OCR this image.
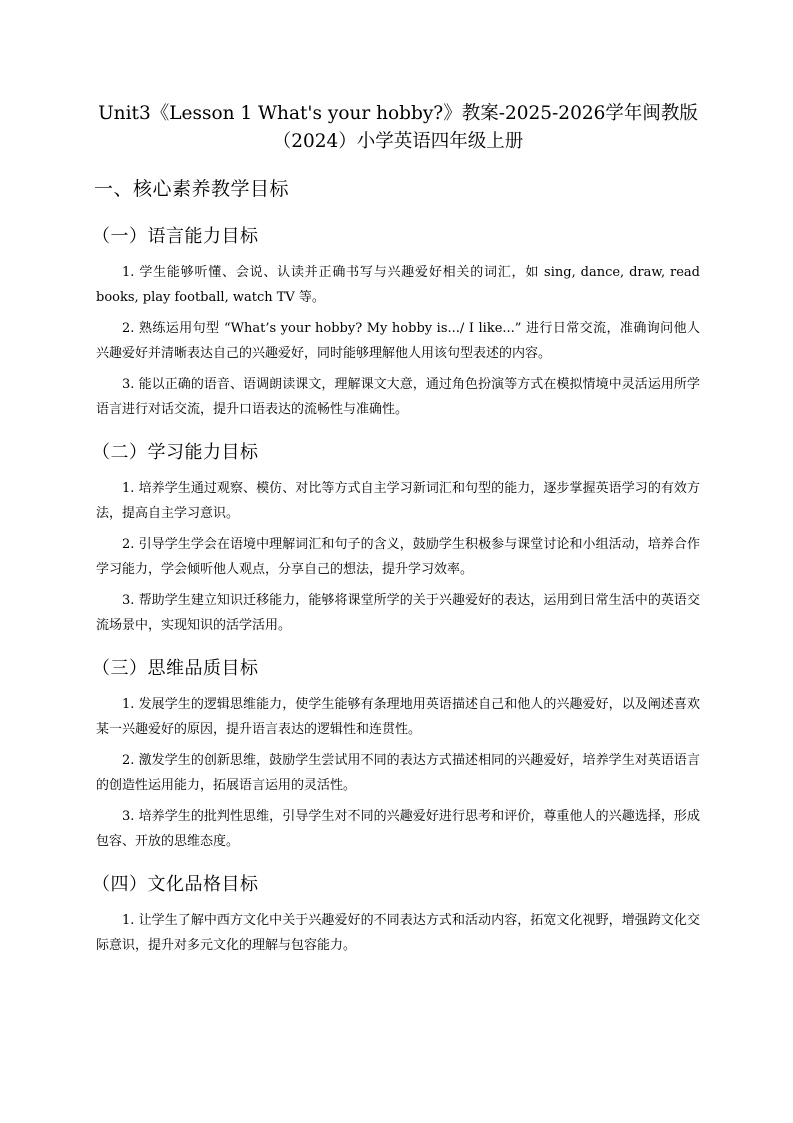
Unit3《Lesson 1 What's your hobby?》教案-2025-2026学年闽教版
（2024）小学英语四年级上册
一、核心素养教学目标
（一）语言能力目标

1. 学生能够听懂、会说、认读并正确书写与兴趣爱好相关的词汇，如 sing, dance, draw, read books, play football, watch TV 等。

2. 熟练运用句型 “What’s your hobby? My hobby is.../ I like...” 进行日常交流，准确询问他人兴趣爱好并清晰表达自己的兴趣爱好，同时能够理解他人用该句型表述的内容。

3. 能以正确的语音、语调朗读课文，理解课文大意，通过角色扮演等方式在模拟情境中灵活运用所学语言进行对话交流，提升口语表达的流畅性与准确性。

（二）学习能力目标

1. 培养学生通过观察、模仿、对比等方式自主学习新词汇和句型的能力，逐步掌握英语学习的有效方法，提高自主学习意识。

2. 引导学生学会在语境中理解词汇和句子的含义，鼓励学生积极参与课堂讨论和小组活动，培养合作学习能力，学会倾听他人观点，分享自己的想法，提升学习效率。

3. 帮助学生建立知识迁移能力，能够将课堂所学的关于兴趣爱好的表达，运用到日常生活中的英语交流场景中，实现知识的活学活用。

（三）思维品质目标

1. 发展学生的逻辑思维能力，使学生能够有条理地用英语描述自己和他人的兴趣爱好，以及阐述喜欢某一兴趣爱好的原因，提升语言表达的逻辑性和连贯性。

2. 激发学生的创新思维，鼓励学生尝试用不同的表达方式描述相同的兴趣爱好，培养学生对英语语言的创造性运用能力，拓展语言运用的灵活性。

3. 培养学生的批判性思维，引导学生对不同的兴趣爱好进行思考和评价，尊重他人的兴趣选择，形成包容、开放的思维态度。

（四）文化品格目标

1. 让学生了解中西方文化中关于兴趣爱好的不同表达方式和活动内容，拓宽文化视野，增强跨文化交际意识，提升对多元文化的理解与包容能力。
